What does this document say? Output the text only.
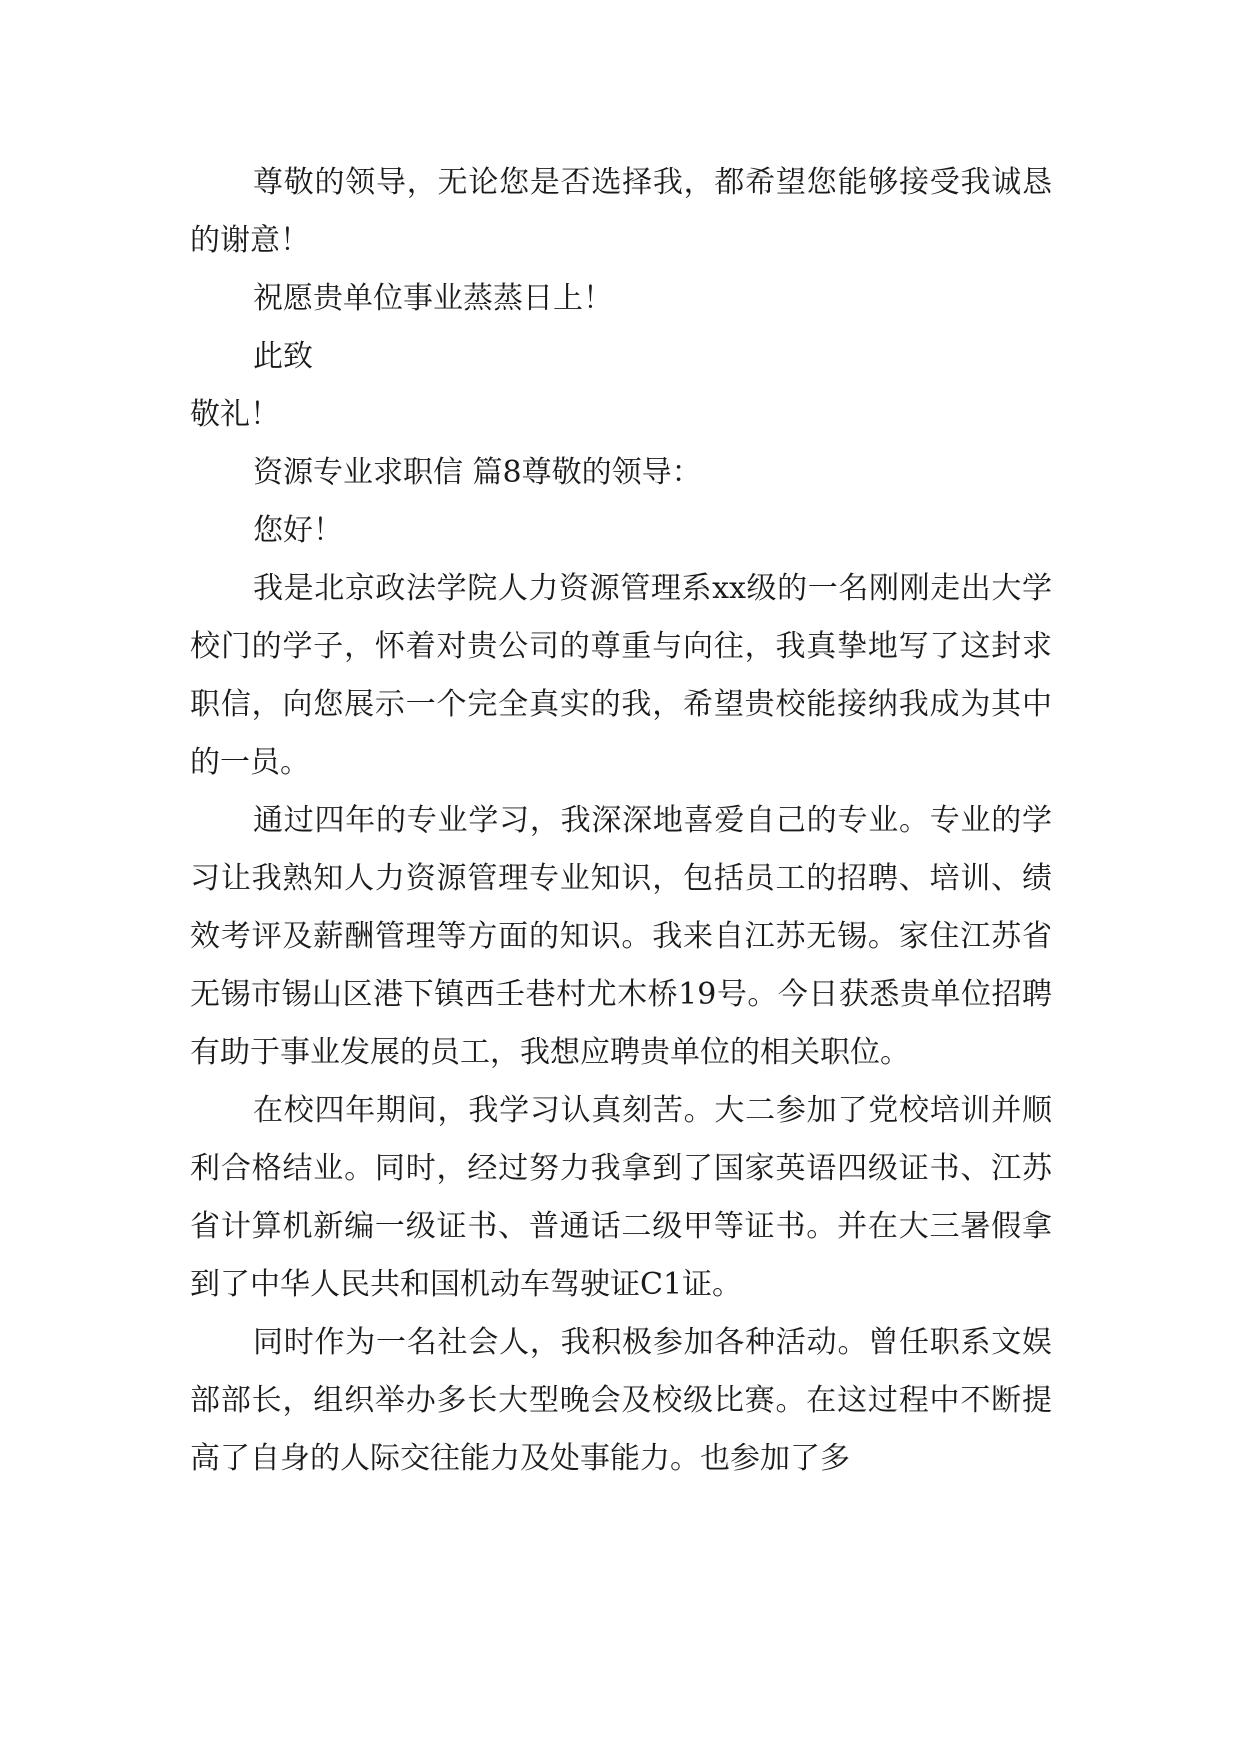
尊敬的领导，无论您是否选择我，都希望您能够接受我诚恳的谢意！

祝愿贵单位事业蒸蒸日上！

此致

敬礼！

资源专业求职信 篇8尊敬的领导：

您好！

我是北京政法学院人力资源管理系xx级的一名刚刚走出大学校门的学子，怀着对贵公司的尊重与向往，我真挚地写了这封求职信，向您展示一个完全真实的我，希望贵校能接纳我成为其中的一员。

通过四年的专业学习，我深深地喜爱自己的专业。专业的学习让我熟知人力资源管理专业知识，包括员工的招聘、培训、绩效考评及薪酬管理等方面的知识。我来自江苏无锡。家住江苏省无锡市锡山区港下镇西壬巷村尤木桥19号。今日获悉贵单位招聘有助于事业发展的员工，我想应聘贵单位的相关职位。

在校四年期间，我学习认真刻苦。大二参加了党校培训并顺利合格结业。同时，经过努力我拿到了国家英语四级证书、江苏省计算机新编一级证书、普通话二级甲等证书。并在大三暑假拿到了中华人民共和国机动车驾驶证C1证。

同时作为一名社会人，我积极参加各种活动。曾任职系文娱部部长，组织举办多长大型晚会及校级比赛。在这过程中不断提高了自身的人际交往能力及处事能力。也参加了多
